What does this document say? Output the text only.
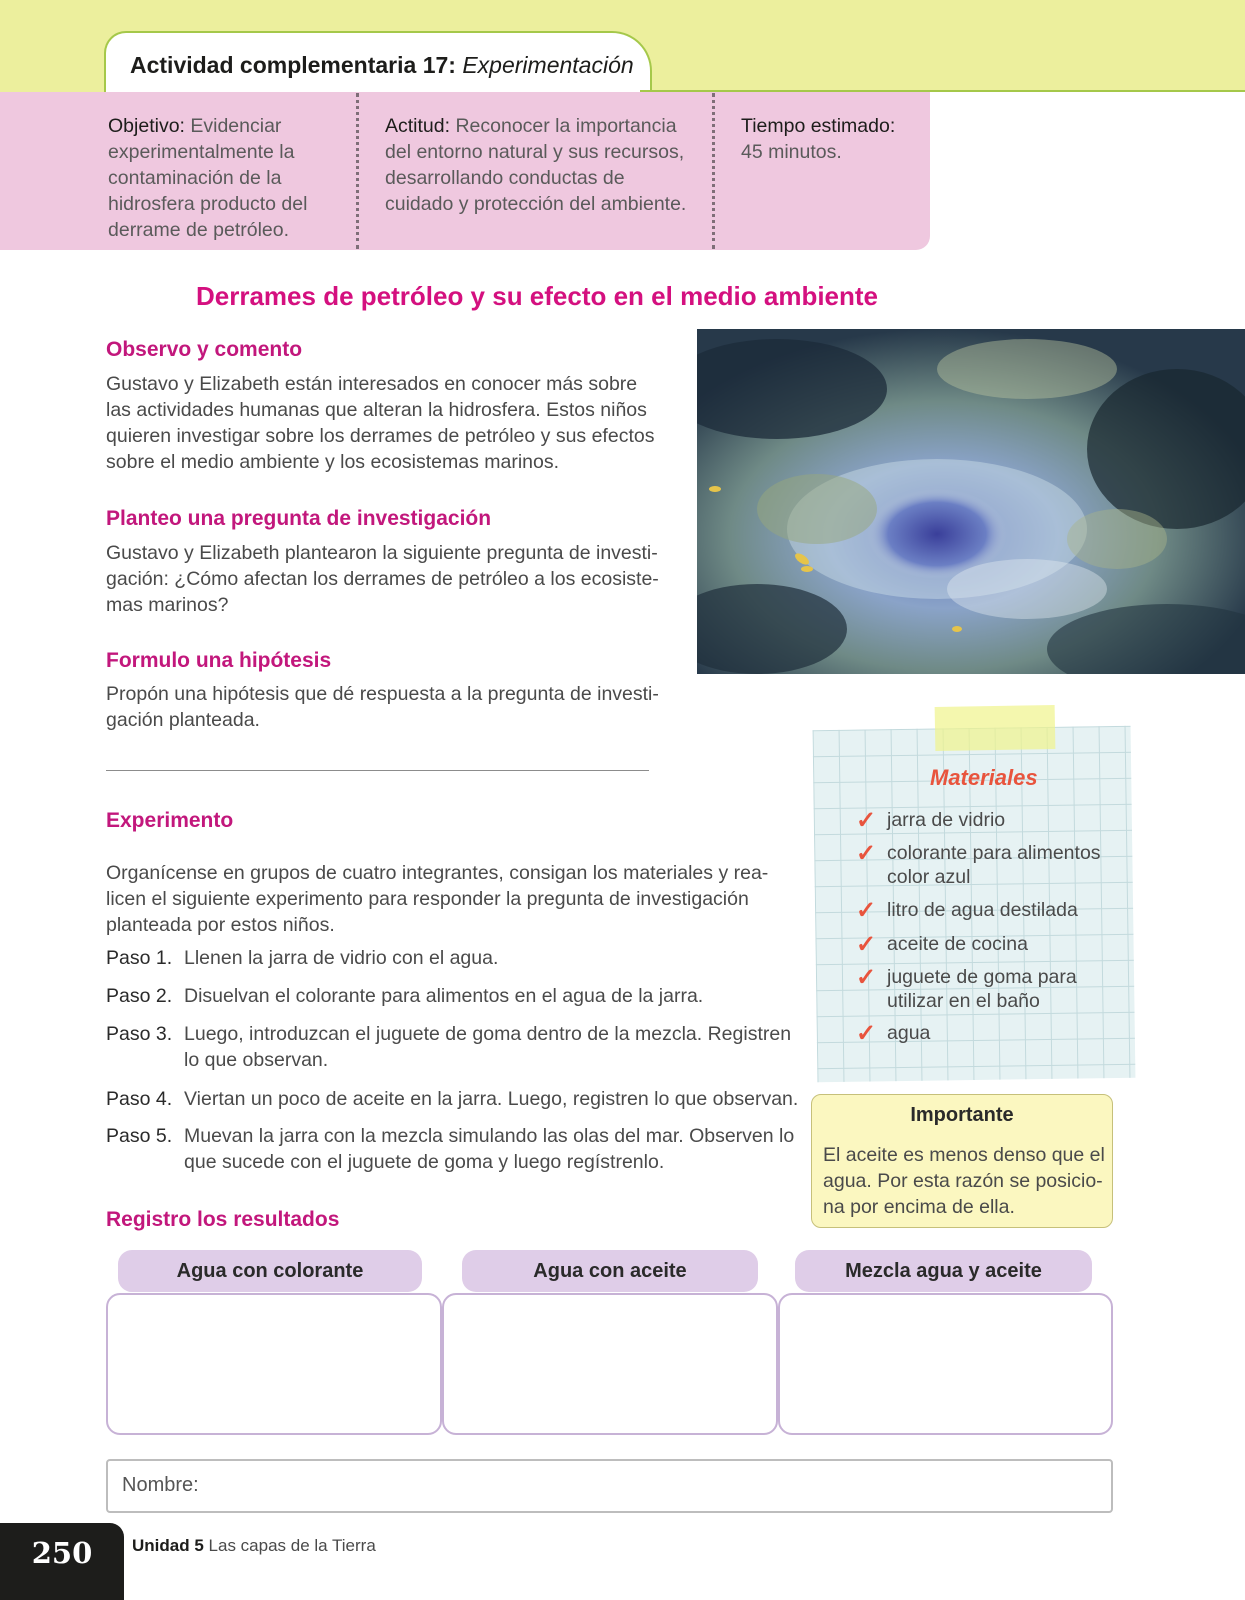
Actividad complementaria 17: Experimentación
Objetivo: Evidenciar
experimentalmente la
contaminación de la
hidrosfera producto del
derrame de petróleo.
Actitud: Reconocer la importancia
del entorno natural y sus recursos,
desarrollando conductas de
cuidado y protección del ambiente.
Tiempo estimado:
45 minutos.
Derrames de petróleo y su efecto en el medio ambiente
Observo y comento
Gustavo y Elizabeth están interesados en conocer más sobre
las actividades humanas que alteran la hidrosfera. Estos niños
quieren investigar sobre los derrames de petróleo y sus efectos
sobre el medio ambiente y los ecosistemas marinos.
Planteo una pregunta de investigación
Gustavo y Elizabeth plantearon la siguiente pregunta de investi-
gación: ¿Cómo afectan los derrames de petróleo a los ecosiste-
mas marinos?
Formulo una hipótesis
Propón una hipótesis que dé respuesta a la pregunta de investi-
gación planteada.
Experimento
Organícense en grupos de cuatro integrantes, consigan los materiales y rea-
licen el siguiente experimento para responder la pregunta de investigación
planteada por estos niños.
Paso 1. Llenen la jarra de vidrio con el agua.
Paso 2. Disuelvan el colorante para alimentos en el agua de la jarra.
Paso 3. Luego, introduzcan el juguete de goma dentro de la mezcla. Registren
lo que observan.
Paso 4. Viertan un poco de aceite en la jarra. Luego, registren lo que observan.
Paso 5. Muevan la jarra con la mezcla simulando las olas del mar. Observen lo
que sucede con el juguete de goma y luego regístrenlo.
Materiales
✓ jarra de vidrio
✓ colorante para alimentos
color azul
✓ litro de agua destilada
✓ aceite de cocina
✓ juguete de goma para
utilizar en el baño
✓ agua
Importante
El aceite es menos denso que el
agua. Por esta razón se posicio-
na por encima de ella.
Registro los resultados
Agua con colorante	Agua con aceite	Mezcla agua y aceite
Nombre:
250	Unidad 5 Las capas de la Tierra
